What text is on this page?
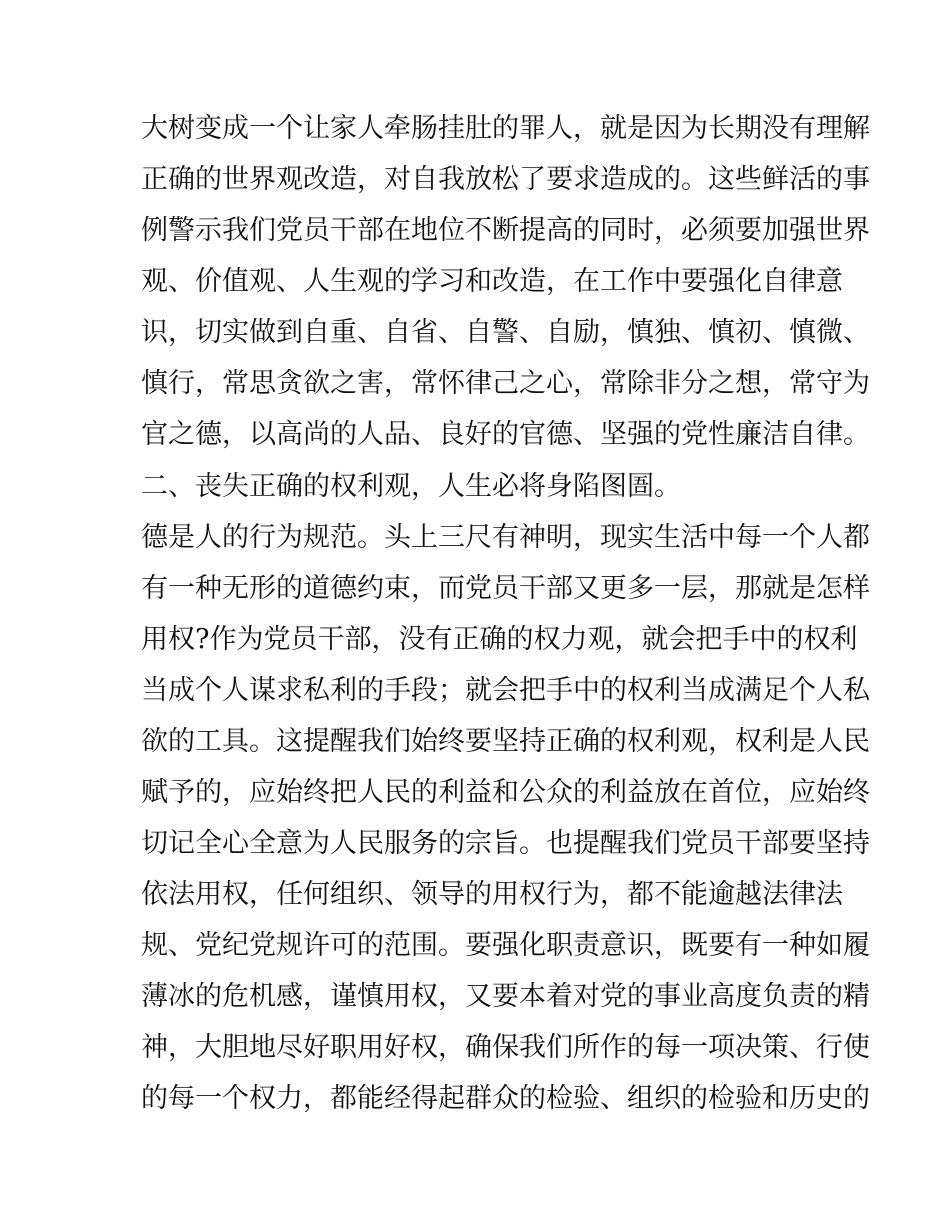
大树变成一个让家人牵肠挂肚的罪人，就是因为长期没有理解
正确的世界观改造，对自我放松了要求造成的。这些鲜活的事
例警示我们党员干部在地位不断提高的同时，必须要加强世界
观、价值观、人生观的学习和改造，在工作中要强化自律意
识，切实做到自重、自省、自警、自励，慎独、慎初、慎微、
慎行，常思贪欲之害，常怀律己之心，常除非分之想，常守为
官之德，以高尚的人品、良好的官德、坚强的党性廉洁自律。
二、丧失正确的权利观，人生必将身陷图圄。
德是人的行为规范。头上三尺有神明，现实生活中每一个人都
有一种无形的道德约束，而党员干部又更多一层，那就是怎样
用权?作为党员干部，没有正确的权力观，就会把手中的权利
当成个人谋求私利的手段；就会把手中的权利当成满足个人私
欲的工具。这提醒我们始终要坚持正确的权利观，权利是人民
赋予的，应始终把人民的利益和公众的利益放在首位，应始终
切记全心全意为人民服务的宗旨。也提醒我们党员干部要坚持
依法用权，任何组织、领导的用权行为，都不能逾越法律法
规、党纪党规许可的范围。要强化职责意识，既要有一种如履
薄冰的危机感，谨慎用权，又要本着对党的事业高度负责的精
神，大胆地尽好职用好权，确保我们所作的每一项决策、行使
的每一个权力，都能经得起群众的检验、组织的检验和历史的
